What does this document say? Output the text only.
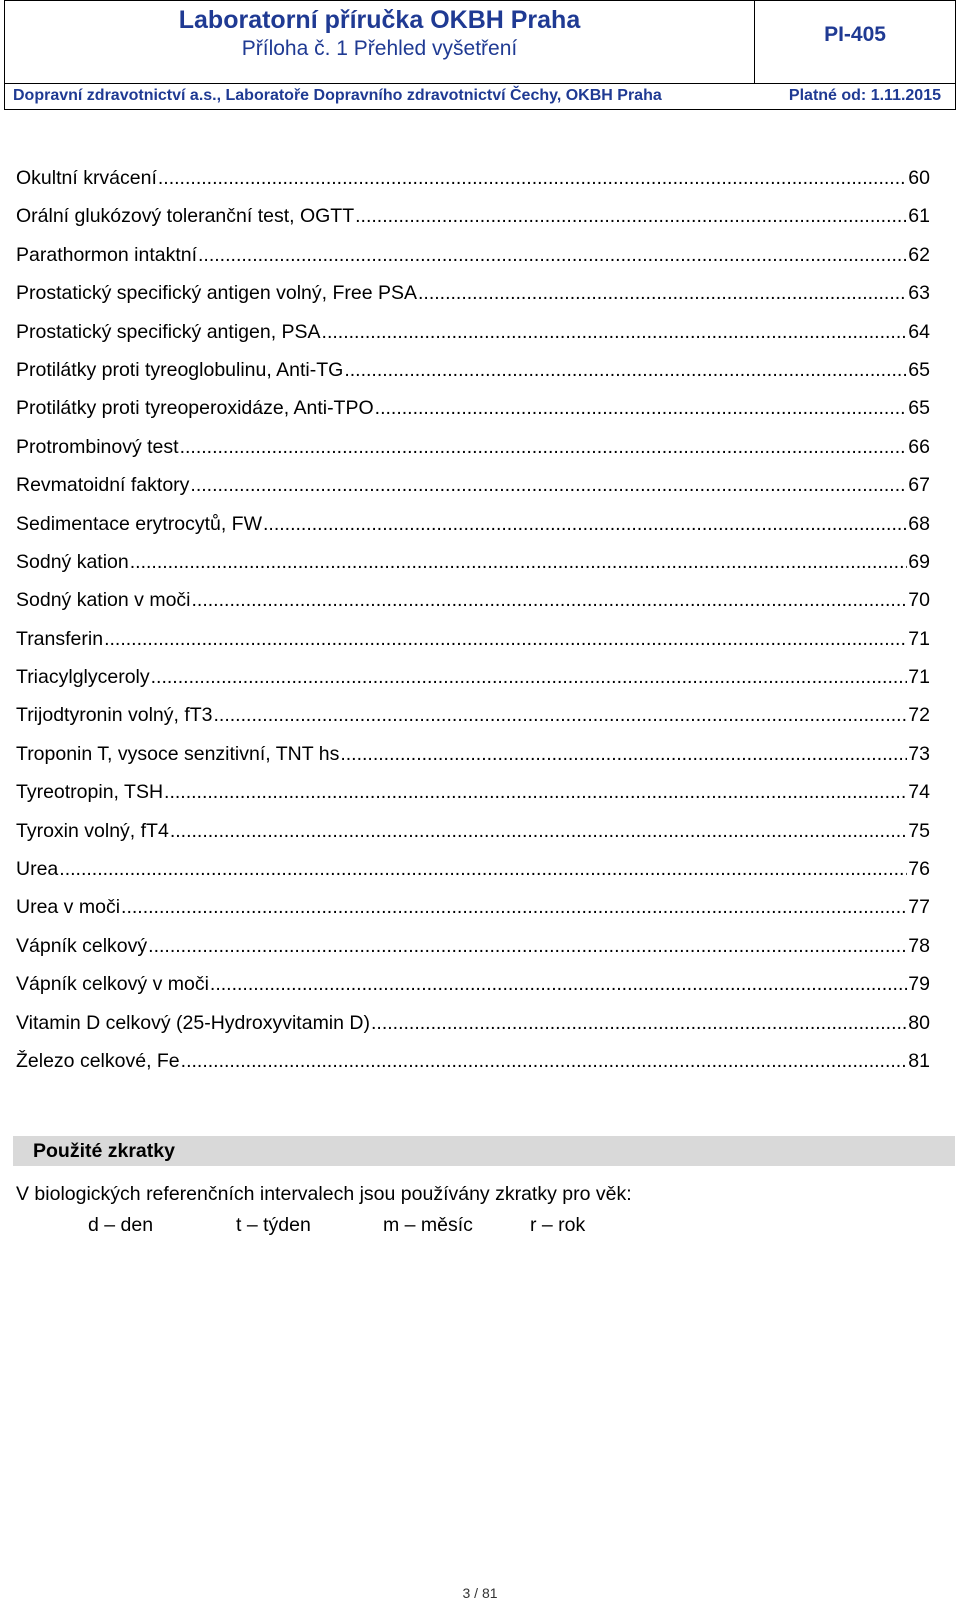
Laboratorní příručka OKBH Praha
Příloha č. 1 Přehled vyšetření
PI-405
Dopravní zdravotnictví a.s., Laboratoře Dopravního zdravotnictví Čechy, OKBH Praha	Platné od: 1.11.2015
Okultní krvácení .....	60
Orální glukózový toleranční test, OGTT .....	61
Parathormon intaktní .....	62
Prostatický specifický antigen volný, Free PSA .....	63
Prostatický specifický antigen, PSA .....	64
Protilátky proti tyreoglobulinu, Anti-TG .....	65
Protilátky proti tyreoperoxidáze, Anti-TPO .....	65
Protrombinový test .....	66
Revmatoidní faktory .....	67
Sedimentace erytrocytů, FW .....	68
Sodný kation .....	69
Sodný kation v moči .....	70
Transferin .....	71
Triacylglyceroly .....	71
Trijodtyronin volný, fT3 .....	72
Troponin T, vysoce senzitivní, TNT hs .....	73
Tyreotropin, TSH .....	74
Tyroxin volný, fT4 .....	75
Urea .....	76
Urea v moči .....	77
Vápník celkový .....	78
Vápník celkový v moči .....	79
Vitamin D celkový (25-Hydroxyvitamin D) .....	80
Železo celkové, Fe .....	81
Použité zkratky
V biologických referenčních intervalech jsou používány zkratky pro věk:
d – den	t – týden	m – měsíc	r – rok
3 / 81
